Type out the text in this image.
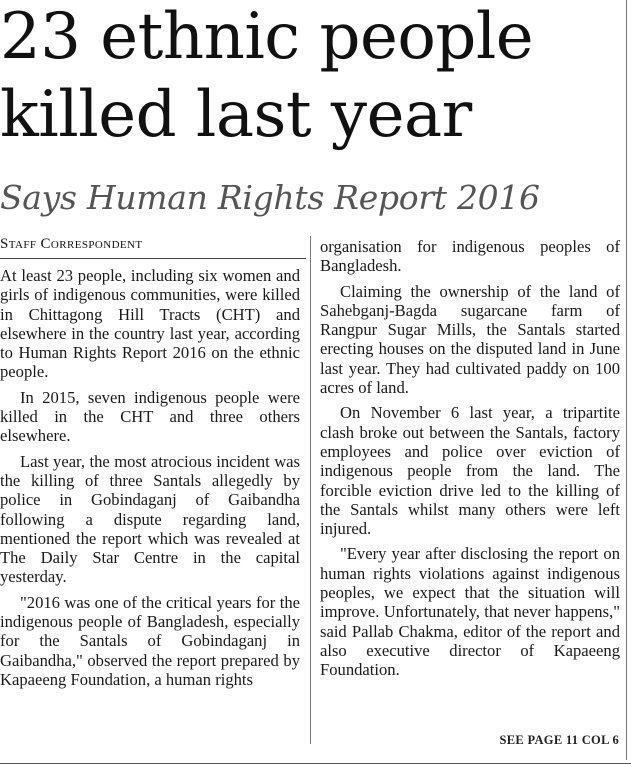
23 ethnic people
killed last year
Says Human Rights Report 2016
Staff Correspondent

At least 23 people, including six women and girls of indigenous communities, were killed in Chittagong Hill Tracts (CHT) and elsewhere in the country last year, according to Human Rights Report 2016 on the ethnic people.

In 2015, seven indigenous people were killed in the CHT and three others elsewhere.

Last year, the most atrocious incident was the killing of three Santals allegedly by police in Gobindaganj of Gaibandha following a dispute regarding land, mentioned the report which was revealed at The Daily Star Centre in the capital yesterday.

"2016 was one of the critical years for the indigenous people of Bangladesh, especially for the Santals of Gobindaganj in Gaibandha," observed the report prepared by Kapaeeng Foundation, a human rights

organisation for indigenous peoples of Bangladesh.

Claiming the ownership of the land of Sahebganj-Bagda sugarcane farm of Rangpur Sugar Mills, the Santals started erecting houses on the disputed land in June last year. They had cultivated paddy on 100 acres of land.

On November 6 last year, a tripartite clash broke out between the Santals, factory employees and police over eviction of indigenous people from the land. The forcible eviction drive led to the killing of the Santals whilst many others were left injured.

"Every year after disclosing the report on human rights violations against indigenous peoples, we expect that the situation will improve. Unfortunately, that never happens," said Pallab Chakma, editor of the report and also executive director of Kapaeeng Foundation.

SEE PAGE 11 COL 6
